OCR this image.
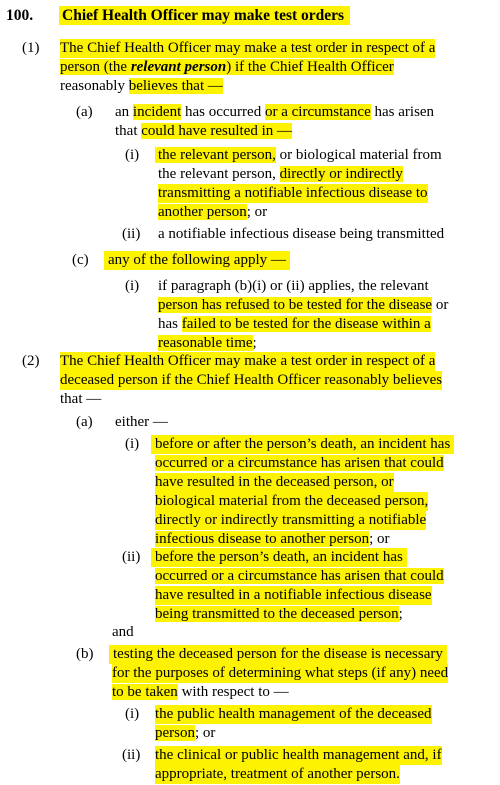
100. Chief Health Officer may make test orders
(1) The Chief Health Officer may make a test order in respect of a
person (the relevant person) if the Chief Health Officer
reasonably believes that —
(a) an incident has occurred or a circumstance has arisen
that could have resulted in —
(i) the relevant person, or biological material from
the relevant person, directly or indirectly
transmitting a notifiable infectious disease to
another person; or
(ii) a notifiable infectious disease being transmitted
(c) any of the following apply —
(i) if paragraph (b)(i) or (ii) applies, the relevant
person has refused to be tested for the disease or
has failed to be tested for the disease within a
reasonable time;
(2) The Chief Health Officer may make a test order in respect of a
deceased person if the Chief Health Officer reasonably believes
that —
(a) either —
(i) before or after the person’s death, an incident has
occurred or a circumstance has arisen that could
have resulted in the deceased person, or
biological material from the deceased person,
directly or indirectly transmitting a notifiable
infectious disease to another person; or
(ii) before the person’s death, an incident has
occurred or a circumstance has arisen that could
have resulted in a notifiable infectious disease
being transmitted to the deceased person;
and
(b) testing the deceased person for the disease is necessary
for the purposes of determining what steps (if any) need
to be taken with respect to —
(i) the public health management of the deceased
person; or
(ii) the clinical or public health management and, if
appropriate, treatment of another person.
